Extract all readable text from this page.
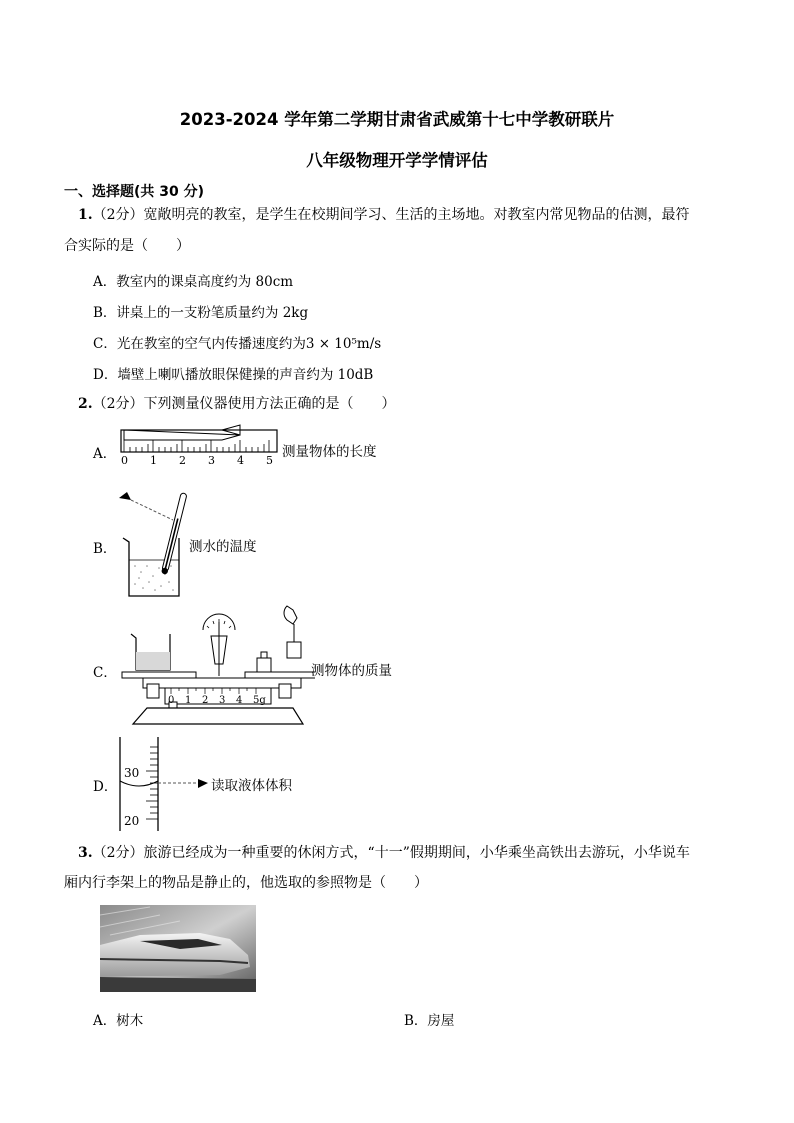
2023-2024 学年第二学期甘肃省武威第十七中学教研联片
八年级物理开学学情评估
一、选择题(共 30 分)
1.（2分）宽敞明亮的教室，是学生在校期间学习、生活的主场地。对教室内常见物品的估测，最符
合实际的是（　　）
A．教室内的课桌高度约为 80cm
B．讲桌上的一支粉笔质量约为 2kg
C．光在教室的空气内传播速度约为3 × 10⁵m/s
D．墙壁上喇叭播放眼保健操的声音约为 10dB
2.（2分）下列测量仪器使用方法正确的是（　　）
A． 0 1 2 3 4 5
测量物体的长度
B．	测水的温度
C．
0 1 2 3 4 5g
测物体的质量
D．
30
20
读取液体体积
3.（2分）旅游已经成为一种重要的休闲方式，“十一”假期期间，小华乘坐高铁出去游玩，小华说车
厢内行李架上的物品是静止的，他选取的参照物是（　　）
A．树木	B．房屋
